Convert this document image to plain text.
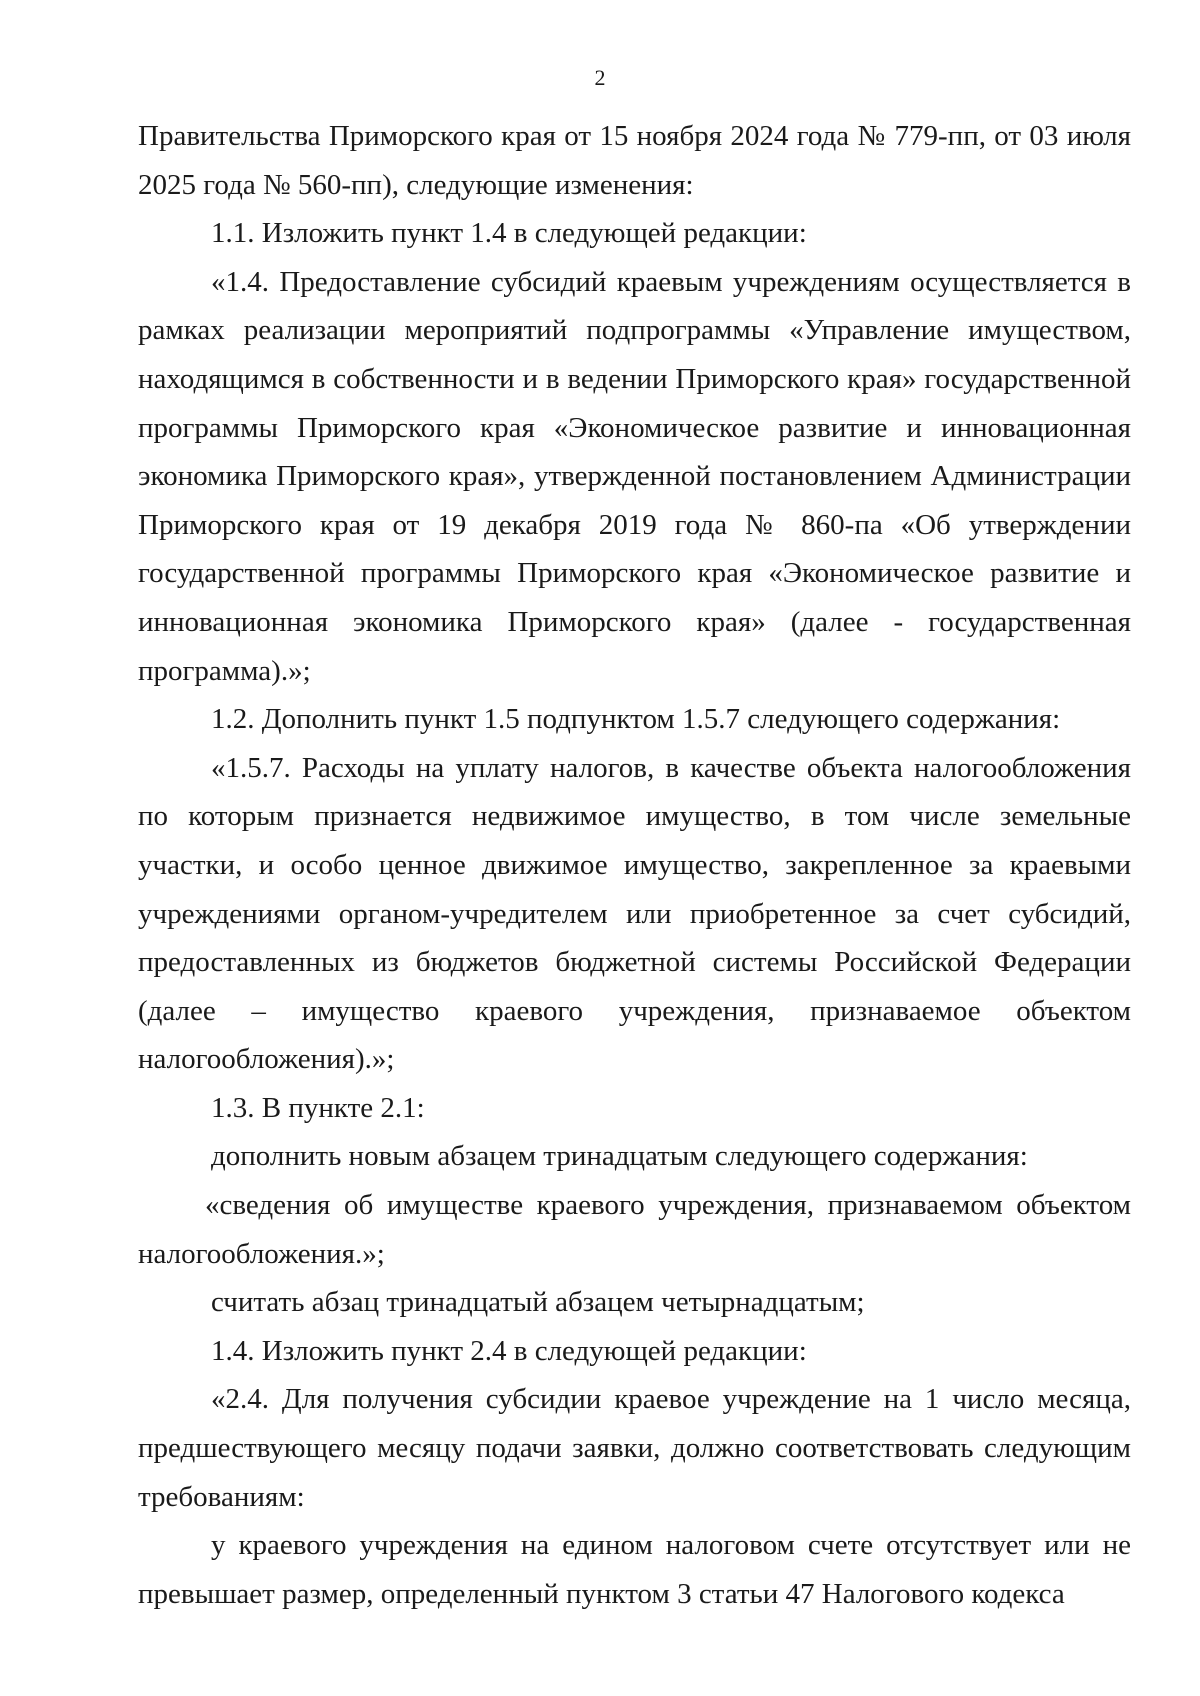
2

Правительства Приморского края от 15 ноября 2024 года № 779-пп, от 03 июля 2025 года № 560-пп), следующие изменения:

1.1. Изложить пункт 1.4 в следующей редакции:

«1.4. Предоставление субсидий краевым учреждениям осуществляется в рамках реализации мероприятий подпрограммы «Управление имуществом, находящимся в собственности и в ведении Приморского края» государственной программы Приморского края «Экономическое развитие и инновационная экономика Приморского края», утвержденной постановлением Администрации Приморского края от 19 декабря 2019 года № 860-па «Об утверждении государственной программы Приморского края «Экономическое развитие и инновационная экономика Приморского края» (далее - государственная программа).»;

1.2. Дополнить пункт 1.5 подпунктом 1.5.7 следующего содержания:

«1.5.7. Расходы на уплату налогов, в качестве объекта налогообложения по которым признается недвижимое имущество, в том числе земельные участки, и особо ценное движимое имущество, закрепленное за краевыми учреждениями органом-учредителем или приобретенное за счет субсидий, предоставленных из бюджетов бюджетной системы Российской Федерации (далее – имущество краевого учреждения, признаваемое объектом налогообложения).»;

1.3. В пункте 2.1:

дополнить новым абзацем тринадцатым следующего содержания:

«сведения об имуществе краевого учреждения, признаваемом объектом налогообложения.»;

считать абзац тринадцатый абзацем четырнадцатым;

1.4. Изложить пункт 2.4 в следующей редакции:

«2.4. Для получения субсидии краевое учреждение на 1 число месяца, предшествующего месяцу подачи заявки, должно соответствовать следующим требованиям:

у краевого учреждения на едином налоговом счете отсутствует или не превышает размер, определенный пунктом 3 статьи 47 Налогового кодекса
